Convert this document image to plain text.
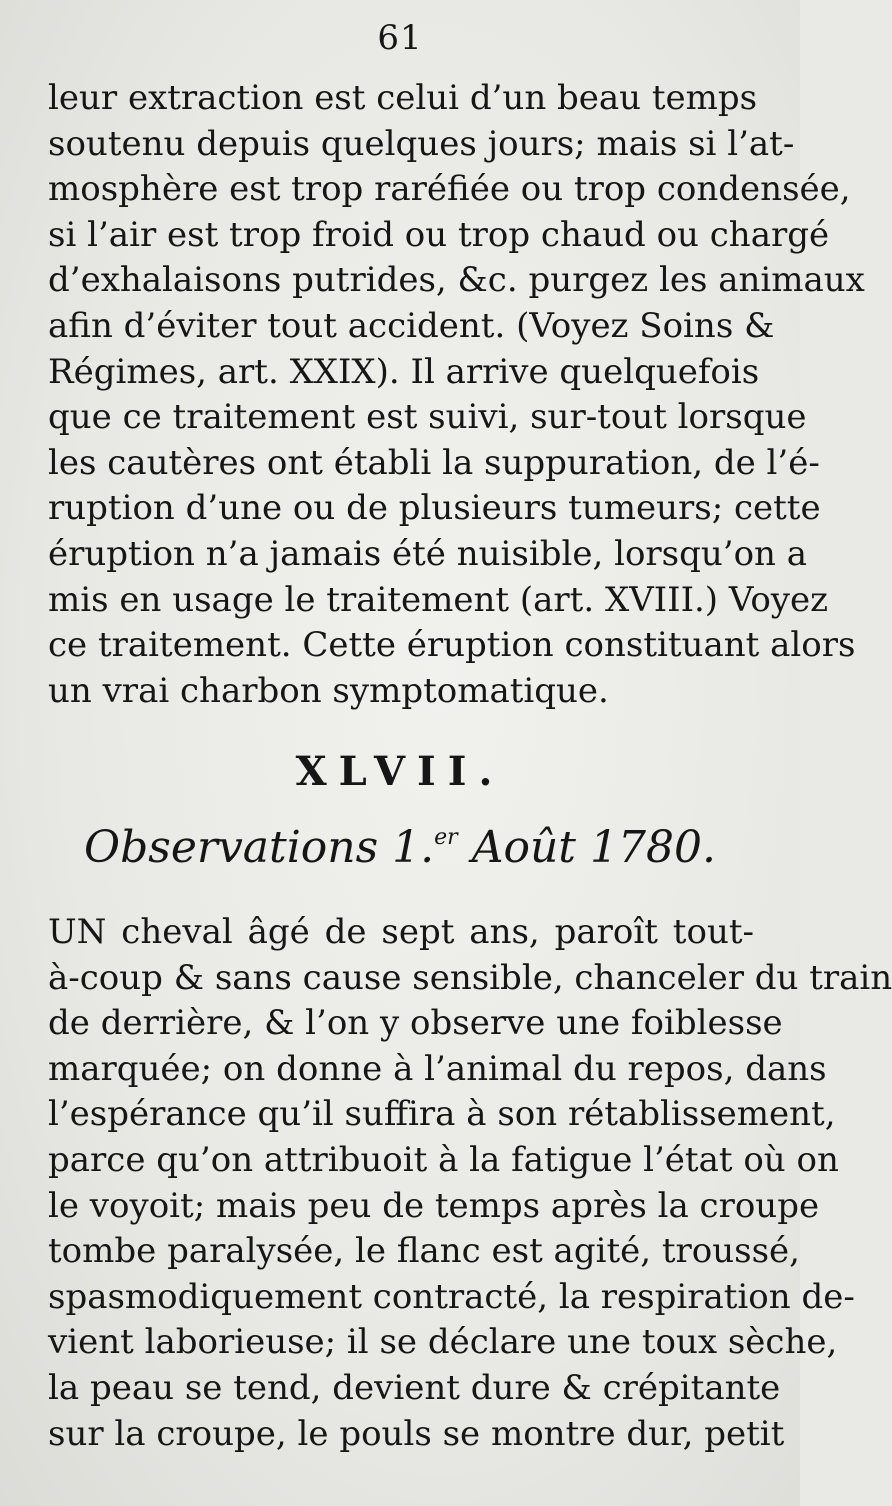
61
leur extraction est celui d’un beau temps
soutenu depuis quelques jours; mais si l’at-
mosphère est trop raréfiée ou trop condensée,
si l’air est trop froid ou trop chaud ou chargé
d’exhalaisons putrides, &c. purgez les animaux
afin d’éviter tout accident. (Voyez Soins &
Régimes, art. XXIX). Il arrive quelquefois
que ce traitement est suivi, sur-tout lorsque
les cautères ont établi la suppuration, de l’é-
ruption d’une ou de plusieurs tumeurs; cette
éruption n’a jamais été nuisible, lorsqu’on a
mis en usage le traitement (art. XVIII.) Voyez
ce traitement. Cette éruption constituant alors
un vrai charbon symptomatique.
XLVII.
Observations 1.$^{er}$ Août 1780.
UN cheval âgé de sept ans, paroît tout-
à-coup & sans cause sensible, chanceler du train
de derrière, & l’on y observe une foiblesse
marquée; on donne à l’animal du repos, dans
l’espérance qu’il suffira à son rétablissement,
parce qu’on attribuoit à la fatigue l’état où on
le voyoit; mais peu de temps après la croupe
tombe paralysée, le flanc est agité, troussé,
spasmodiquement contracté, la respiration de-
vient laborieuse; il se déclare une toux sèche,
la peau se tend, devient dure & crépitante
sur la croupe, le pouls se montre dur, petit
